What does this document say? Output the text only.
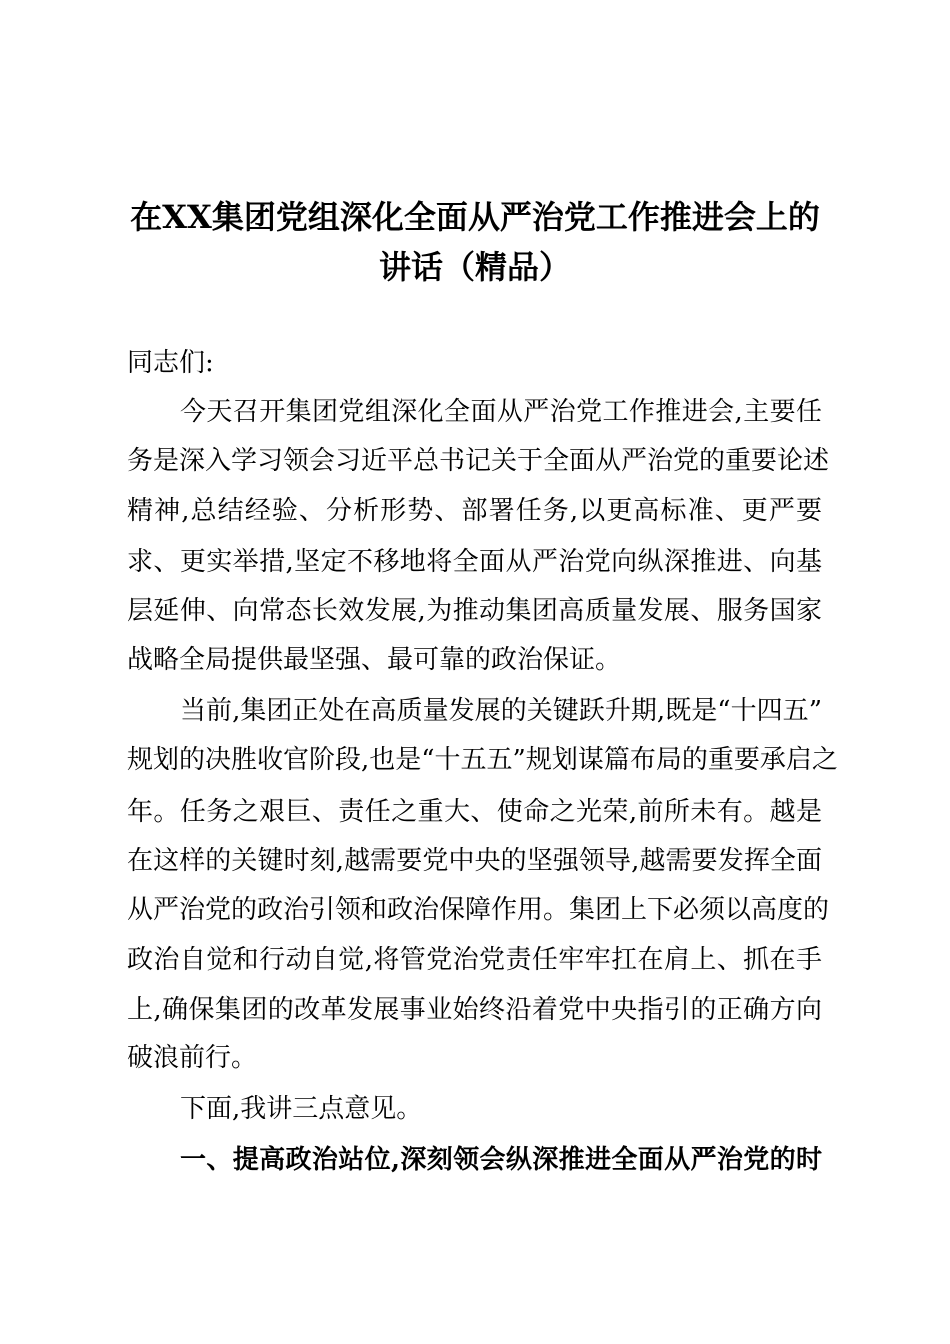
在XX集团党组深化全面从严治党工作推进会上的
讲话（精品）
同志们:
今天召开集团党组深化全面从严治党工作推进会,主要任
务是深入学习领会习近平总书记关于全面从严治党的重要论述
精神,总结经验、分析形势、部署任务,以更高标准、更严要
求、更实举措,坚定不移地将全面从严治党向纵深推进、向基
层延伸、向常态长效发展,为推动集团高质量发展、服务国家
战略全局提供最坚强、最可靠的政治保证。
当前,集团正处在高质量发展的关键跃升期,既是“十四五”
规划的决胜收官阶段,也是“十五五”规划谋篇布局的重要承启之
年。任务之艰巨、责任之重大、使命之光荣,前所未有。越是
在这样的关键时刻,越需要党中央的坚强领导,越需要发挥全面
从严治党的政治引领和政治保障作用。集团上下必须以高度的
政治自觉和行动自觉,将管党治党责任牢牢扛在肩上、抓在手
上,确保集团的改革发展事业始终沿着党中央指引的正确方向
破浪前行。
下面,我讲三点意见。
一、提高政治站位,深刻领会纵深推进全面从严治党的时
